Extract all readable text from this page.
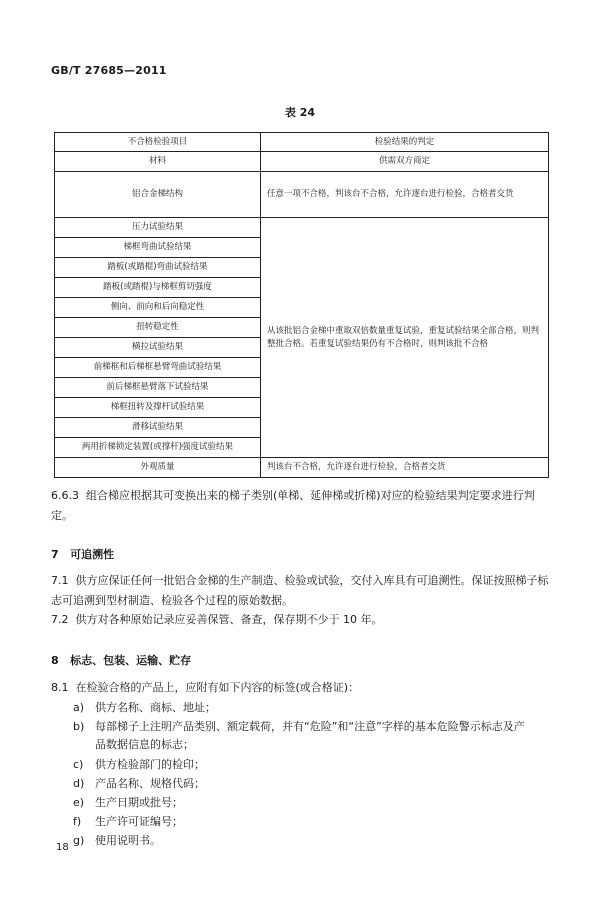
GB/T 27685—2011
表 24
不合格检验项目	检验结果的判定
材料	供需双方商定
铝合金梯结构	任意一项不合格，判该台不合格，允许逐台进行检验，合格者交货
压力试验结果	从该批铝合金梯中重取双倍数量重复试验，重复试验结果全部合格，则判整批合格。若重复试验结果仍有不合格时，则判该批不合格
梯框弯曲试验结果	
踏板(或踏棍)弯曲试验结果	
踏板(或踏棍)与梯框剪切强度	
侧向、前向和后向稳定性	
扭转稳定性	
横拉试验结果	
前梯框和后梯框悬臂弯曲试验结果	
前后梯框悬臂落下试验结果	
梯框扭转及撑杆试验结果	
滑移试验结果	
两用折梯锁定装置(或撑杆)强度试验结果	
外观质量	判该台不合格，允许逐台进行检验，合格者交货
6.6.3 组合梯应根据其可变换出来的梯子类别(单梯、延伸梯或折梯)对应的检验结果判定要求进行判定。
7 可追溯性
7.1 供方应保证任何一批铝合金梯的生产制造、检验或试验，交付入库具有可追溯性。保证按照梯子标志可追溯到型材制造、检验各个过程的原始数据。
7.2 供方对各种原始记录应妥善保管、备查，保存期不少于 10 年。
8 标志、包装、运输、贮存
8.1 在检验合格的产品上，应附有如下内容的标签(或合格证)：
a) 供方名称、商标、地址；
b) 每部梯子上注明产品类别、额定载荷，并有“危险”和“注意”字样的基本危险警示标志及产品数据信息的标志；
c) 供方检验部门的检印；
d) 产品名称、规格代码；
e) 生产日期或批号；
f) 生产许可证编号；
g) 使用说明书。
18
